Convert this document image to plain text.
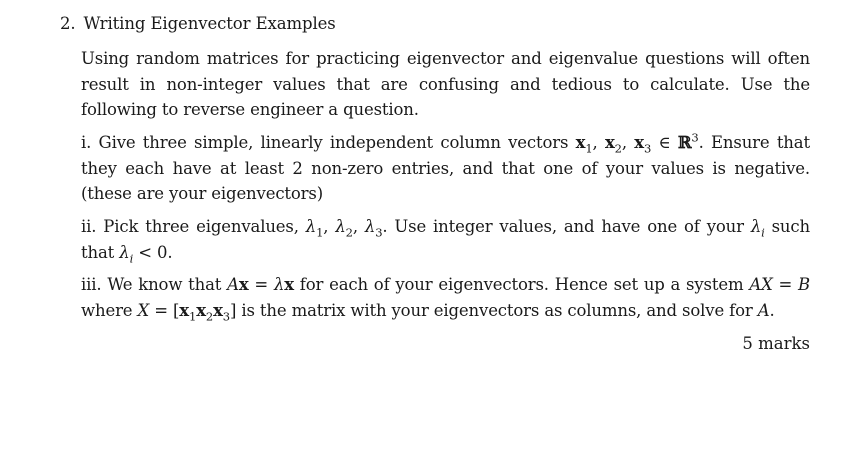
2. Writing Eigenvector Examples
Using random matrices for practicing eigenvector and eigenvalue questions will often result in non-integer values that are confusing and tedious to calculate. Use the following to reverse engineer a question.
i. Give three simple, linearly independent column vectors $x_1$, $x_2$, $x_3$ ∈ ℝ$^3$. Ensure that they each have at least 2 non-zero entries, and that one of your values is negative. (these are your eigenvectors)
ii. Pick three eigenvalues, $\lambda_1$, $\lambda_2$, $\lambda_3$. Use integer values, and have one of your $\lambda_i$ such that $\lambda_i < 0$.
iii. We know that Ax = λx for each of your eigenvectors. Hence set up a system AX = B where $X = [x_1x_2x_3]$ is the matrix with your eigenvectors as columns, and solve for A.
5 marks
